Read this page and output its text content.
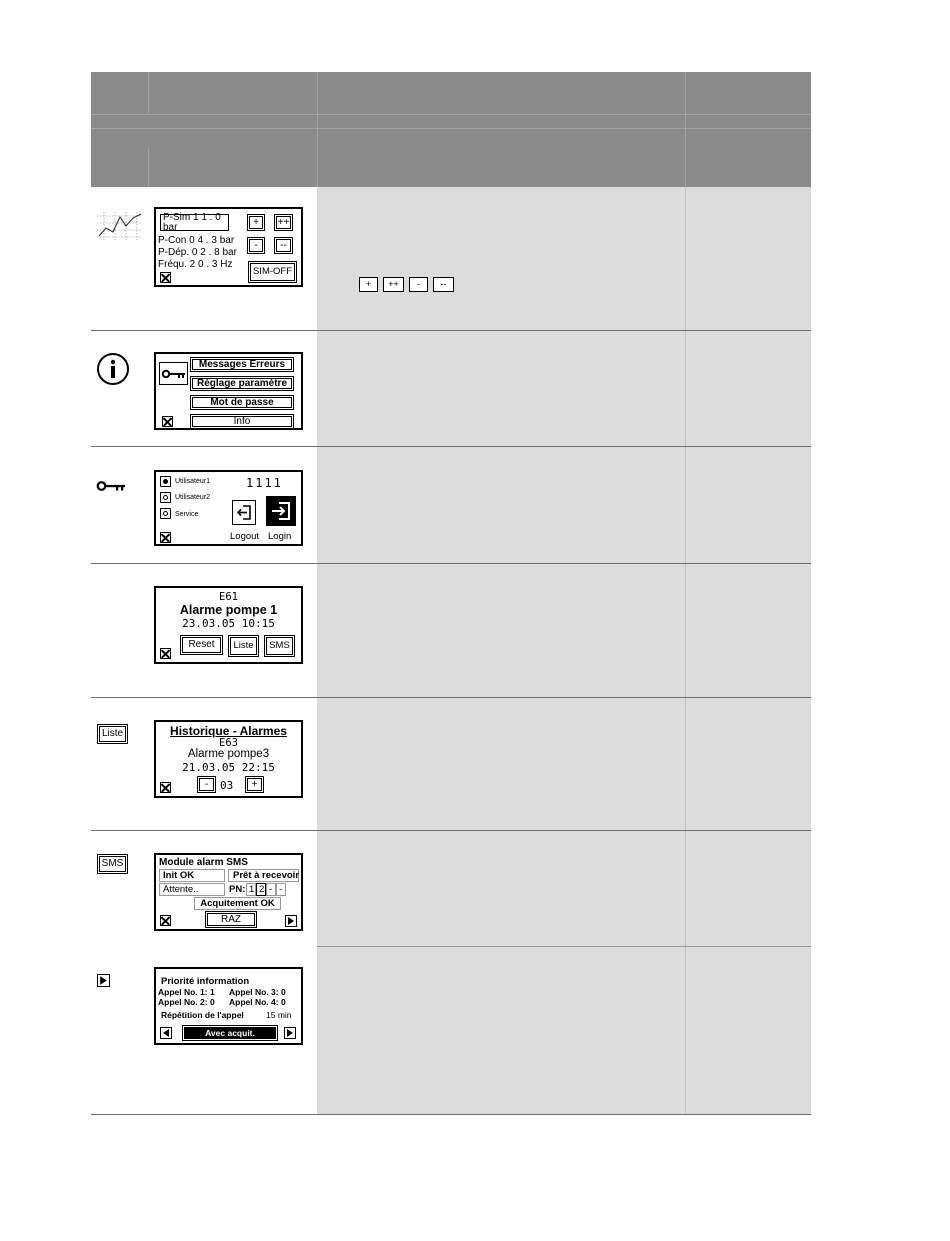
P-Sim 1 1 . 0 bar	+	++
P-Con 0 4 . 3 bar	-	--
P-Dép. 0 2 . 8 bar
Fréqu. 2 0 . 3 Hz
SIM-OFF
+	++	-	--
Messages Erreurs
Réglage paramètre
Mot de passe
Info
Utilisateur1
Utilisateur2
Service
1111
Logout Login
E61
Alarme pompe 1
23.03.05 10:15
Reset	Liste	SMS
Liste	Historique - Alarmes
E63
Alarme pompe3
21.03.05 22:15
-	03	+
SMS	Module alarm SMS
Init OK	Prêt à recevoir
Attente..	PN: 1 2 - -
Acquitement OK
RAZ
Priorité information
Appel No. 1: 1 Appel No. 3: 0
Appel No. 2: 0 Appel No. 4: 0
Répétition de l'appel	15 min
Avec acquit.
